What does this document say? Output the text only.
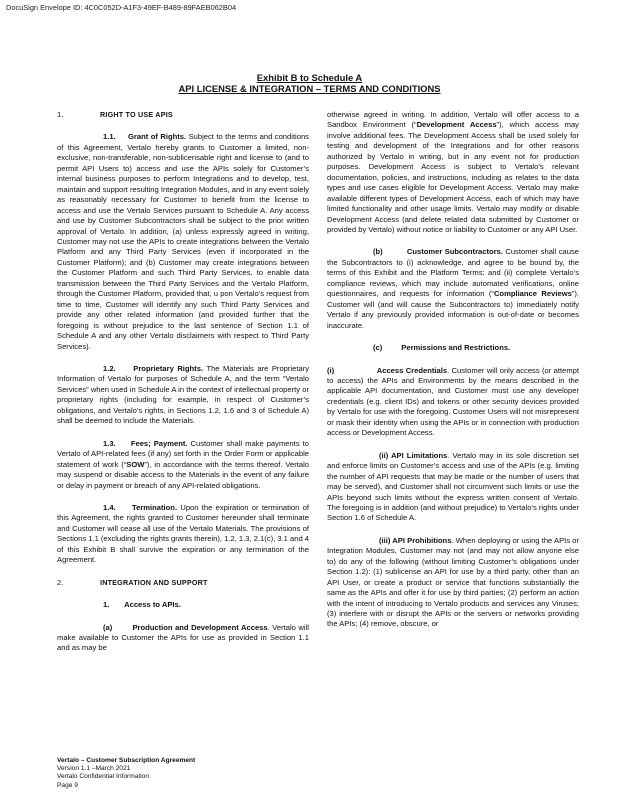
DocuSign Envelope ID: 4C0C052D-A1F3-49EF-B489-89FAEB062B04
Exhibit B to Schedule A
API LICENSE & INTEGRATION – TERMS AND CONDITIONS

1.	RIGHT TO USE APIS

1.1. Grant of Rights. Subject to the terms and conditions of this Agreement, Vertalo hereby grants to Customer a limited, non-exclusive, non-transferable, non-sublicensable right and license to (and to permit API Users to) access and use the APIs solely for Customer’s internal business purposes to perform Integrations and to develop, test, maintain and support resulting Integration Modules, and in any event solely as reasonably necessary for Customer to benefit from the license to access and use the Vertalo Services pursuant to Schedule A. Any access and use by Customer Subcontractors shall be subject to the prior written approval of Vertalo. In addition, (a) unless expressly agreed in writing, Customer may not use the APIs to create integrations between the Vertalo Platform and any Third Party Services (even if incorporated in the Customer Platform); and (b) Customer may create integrations between the Customer Platform and such Third Party Services, to enable data transmission between the Third Party Services and the Vertalo Platform, through the Customer Platform, provided that, u pon Vertalo’s request from time to time, Customer will identify any such Third Party Services and provide any other related information (and provided further that the foregoing is without prejudice to the last sentence of Section 1.1 of Schedule A and any other Vertalo disclaimers with respect to Third Party Services).

1.2. Proprietary Rights. The Materials are Proprietary Information of Vertalo for purposes of Schedule A, and the term “Vertalo Services” when used in Schedule A in the context of intellectual property or proprietary rights (including for example, in respect of Customer’s obligations, and Vertalo’s rights, in Sections 1.2, 1.6 and 3 of Schedule A) shall be deemed to include the Materials.

1.3. Fees; Payment. Customer shall make payments to Vertalo of API-related fees (if any) set forth in the Order Form or applicable statement of work (“SOW”), in accordance with the terms thereof. Vertalo may suspend or disable access to the Materials in the event of any failure or delay in payment or breach of any API-related obligations.

1.4. Termination. Upon the expiration or termination of this Agreement, the rights granted to Customer hereunder shall terminate and Customer will cease all use of the Vertalo Materials. The provisions of Sections 1.1 (excluding the rights grants therein), 1.2, 1.3, 2.1(c), 3.1 and 4 of this Exhibit B shall survive the expiration or any termination of the Agreement.

2.	INTEGRATION AND SUPPORT

1. Access to APIs.

(a)	Production and Development Access. Vertalo will make available to Customer the APIs for use as provided in Section 1.1 and as may be

otherwise agreed in writing. In addition, Vertalo will offer access to a Sandbox Environment (“Development Access”), which access may involve additional fees. The Development Access shall be used solely for testing and development of the Integrations and for other reasons authorized by Vertalo in writing, but in any event not for production purposes. Development Access is subject to Vertalo’s relevant documentation, policies, and instructions, including as relates to the data types and use cases eligible for Development Access. Vertalo may make available different types of Development Access, each of which may have limited functionality and other usage limits. Vertalo may modify or disable Development Access (and delete related data submitted by Customer or provided by Vertalo) without notice or liability to Customer or any API User.

(b)	Customer Subcontractors. Customer shall cause the Subcontractors to (i) acknowledge, and agree to be bound by, the terms of this Exhibit and the Platform Terms; and (ii) complete Vertalo’s compliance reviews, which may include automated verifications, online questionnaires, and requests for information (“Compliance Reviews”). Customer will (and will cause the Subcontractors to) immediately notify Vertalo if any previously provided information is out-of-date or becomes inaccurate.

(c)	Permissions and Restrictions.

(i)	Access Credentials. Customer will only access (or attempt to access) the APIs and Environments by the means described in the applicable API documentation, and Customer must use any developer credentials (e.g. client IDs) and tokens or other security devices provided by Vertalo for use with the foregoing. Customer Users will not misrepresent or mask their identity when using the APIs or in connection with production access or Development Access.

(ii) API Limitations. Vertalo may in its sole discretion set and enforce limits on Customer’s access and use of the APIs (e.g. limiting the number of API requests that may be made or the number of users that may be served), and Customer shall not circumvent such limits or use the APIs beyond such limits without the express written consent of Vertalo. The foregoing is in addition (and without prejudice) to Vertalo’s rights under Section 1.6 of Schedule A.

(iii) API Prohibitions. When deploying or using the APIs or Integration Modules, Customer may not (and may not allow anyone else to) do any of the following (without limiting Customer’s obligations under Section 1.2): (1) sublicense an API for use by a third party, other than an API User, or create a product or service that functions substantially the same as the APIs and offer it for use by third parties; (2) perform an action with the intent of introducing to Vertalo products and services any Viruses; (3) interfere with or disrupt the APIs or the servers or networks providing the APIs; (4) remove, obscure, or

Vertalo – Customer Subscription Agreement
Version 1.1 –March 2021
Vertalo Confidential Information
Page 9
